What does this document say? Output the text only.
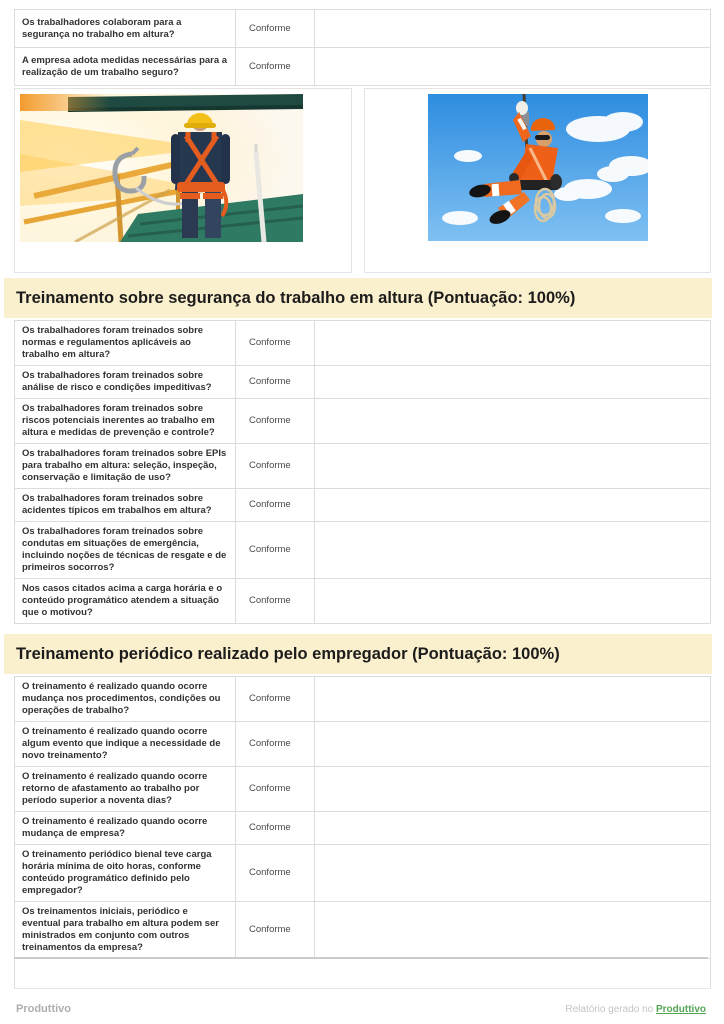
Os trabalhadores colaboram para a segurança no trabalho em altura?
Conforme
A empresa adota medidas necessárias para a realização de um trabalho seguro?
Conforme
Treinamento sobre segurança do trabalho em altura (Pontuação: 100%)
Os trabalhadores foram treinados sobre normas e regulamentos aplicáveis ao trabalho em altura?
Conforme
Os trabalhadores foram treinados sobre análise de risco e condições impeditivas?
Conforme
Os trabalhadores foram treinados sobre riscos potenciais inerentes ao trabalho em altura e medidas de prevenção e controle?
Conforme
Os trabalhadores foram treinados sobre EPIs para trabalho em altura: seleção, inspeção, conservação e limitação de uso?
Conforme
Os trabalhadores foram treinados sobre acidentes típicos em trabalhos em altura?
Conforme
Os trabalhadores foram treinados sobre condutas em situações de emergência, incluindo noções de técnicas de resgate e de primeiros socorros?
Conforme
Nos casos citados acima a carga horária e o conteúdo programático atendem a situação que o motivou?
Conforme
Treinamento periódico realizado pelo empregador (Pontuação: 100%)
O treinamento é realizado quando ocorre mudança nos procedimentos, condições ou operações de trabalho?
Conforme
O treinamento é realizado quando ocorre algum evento que indique a necessidade de novo treinamento?
Conforme
O treinamento é realizado quando ocorre retorno de afastamento ao trabalho por período superior a noventa dias?
Conforme
O treinamento é realizado quando ocorre mudança de empresa?
Conforme
O treinamento periódico bienal teve carga horária mínima de oito horas, conforme conteúdo programático definido pelo empregador?
Conforme
Os treinamentos iniciais, periódico e eventual para trabalho em altura podem ser ministrados em conjunto com outros treinamentos da empresa?
Conforme
Produttivo	Relatório gerado no Produttivo
